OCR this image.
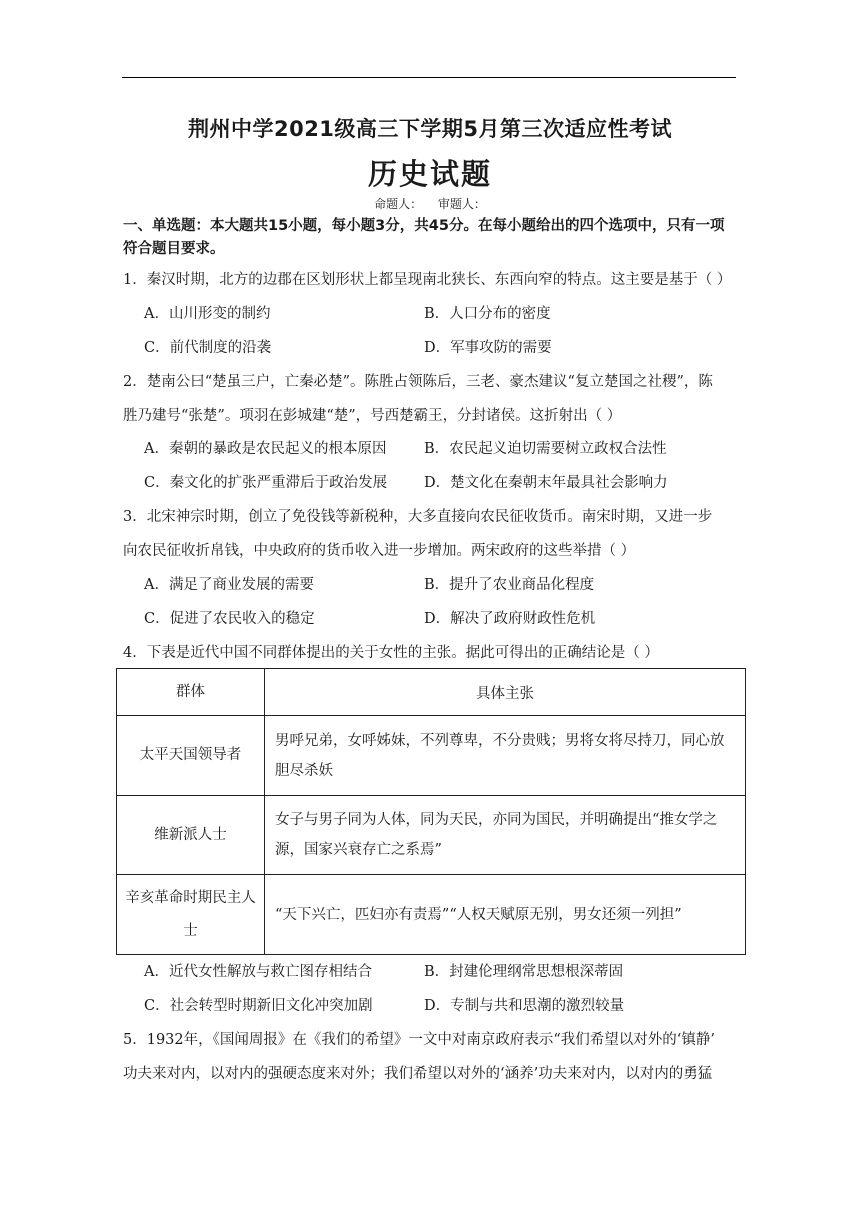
荆州中学2021级高三下学期5月第三次适应性考试
历史试题
命题人： 审题人：
一、单选题：本大题共15小题，每小题3分，共45分。在每小题给出的四个选项中，只有一项符合题目要求。
1．秦汉时期，北方的边郡在区划形状上都呈现南北狭长、东西向窄的特点。这主要是基于（ ）
A．山川形变的制约	B．人口分布的密度
C．前代制度的沿袭	D．军事攻防的需要
2．楚南公曰“楚虽三户，亡秦必楚”。陈胜占领陈后，三老、豪杰建议“复立楚国之社稷”，陈
胜乃建号“张楚”。项羽在彭城建“楚”，号西楚霸王，分封诸侯。这折射出（ ）
A．秦朝的暴政是农民起义的根本原因	B．农民起义迫切需要树立政权合法性
C．秦文化的扩张严重滞后于政治发展	D．楚文化在秦朝末年最具社会影响力
3．北宋神宗时期，创立了免役钱等新税种，大多直接向农民征收货币。南宋时期，又进一步
向农民征收折帛钱，中央政府的货币收入进一步增加。两宋政府的这些举措（ ）
A．满足了商业发展的需要	B．提升了农业商品化程度
C．促进了农民收入的稳定	D．解决了政府财政性危机
4．下表是近代中国不同群体提出的关于女性的主张。据此可得出的正确结论是（ ）
群体	具体主张
太平天国领导者	男呼兄弟，女呼姊妹，不列尊卑，不分贵贱；男将女将尽持刀，同心放胆尽杀妖
维新派人士	女子与男子同为人体，同为天民，亦同为国民，并明确提出“推女学之源，国家兴衰存亡之系焉”
辛亥革命时期民主人士	“天下兴亡，匹妇亦有责焉”“人权天赋原无别，男女还须一列担”
A．近代女性解放与救亡图存相结合	B．封建伦理纲常思想根深蒂固
C．社会转型时期新旧文化冲突加剧	D．专制与共和思潮的激烈较量
5．1932年，《国闻周报》在《我们的希望》一文中对南京政府表示“我们希望以对外的‘镇静’
功夫来对内，以对内的强硬态度来对外；我们希望以对外的‘涵养’功夫来对内，以对内的勇猛
